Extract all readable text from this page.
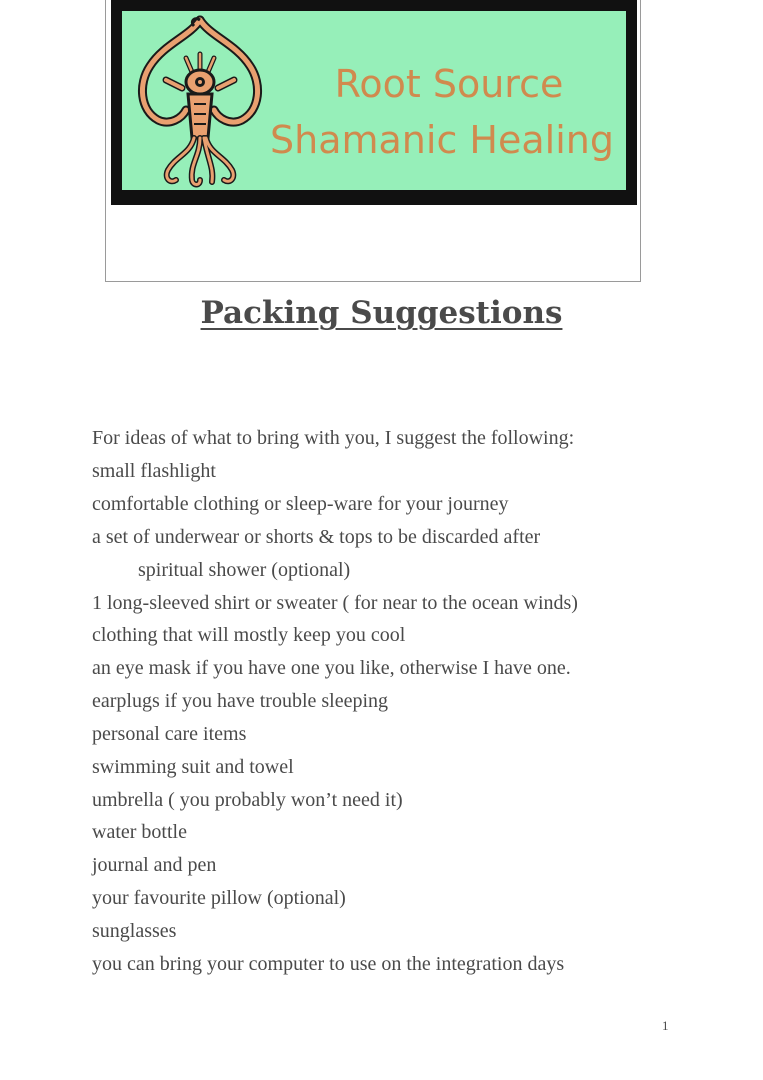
Root Source
Shamanic Healing
Packing Suggestions
For ideas of what to bring with you, I suggest the following:
small flashlight
comfortable clothing or sleep-ware for your journey
a set of underwear or shorts & tops to be discarded after
spiritual shower (optional)
1 long-sleeved shirt or sweater ( for near to the ocean winds)
clothing that will mostly keep you cool
an eye mask if you have one you like, otherwise I have one.
earplugs if you have trouble sleeping
personal care items
swimming suit and towel
umbrella ( you probably won’t need it)
water bottle
journal and pen
your favourite pillow (optional)
sunglasses
you can bring your computer to use on the integration days
1
